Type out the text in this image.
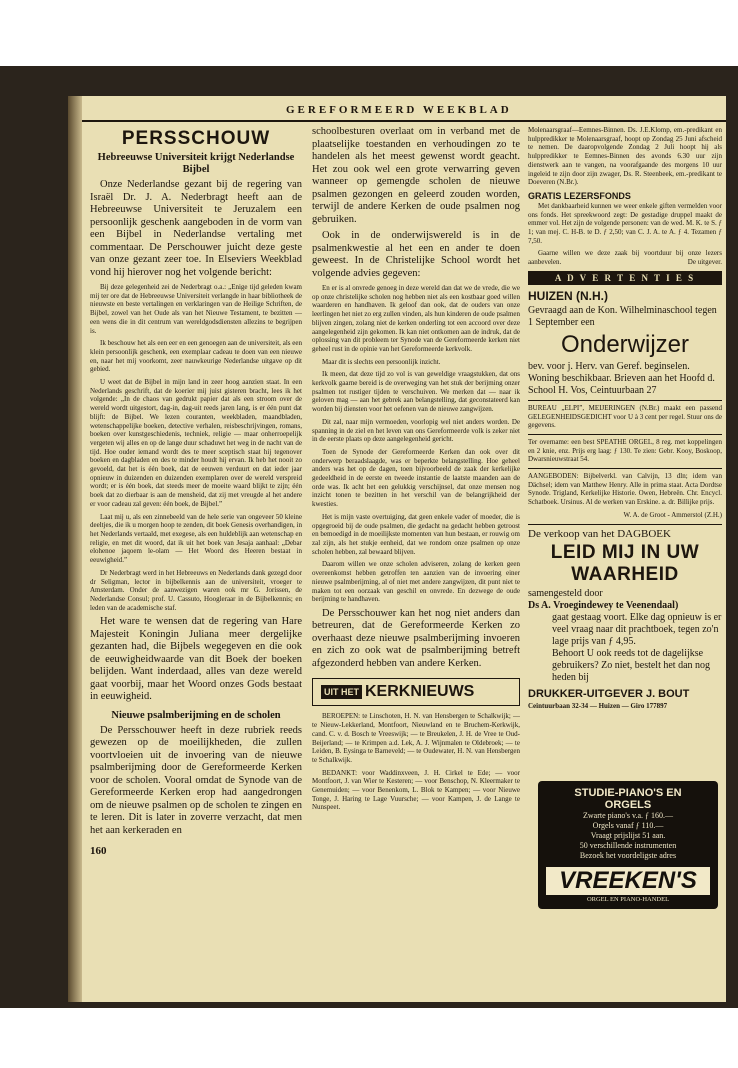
GEREFORMEERD WEEKBLAD
PERSSCHOUW
Hebreeuwse Universiteit krijgt Nederlandse Bijbel

Onze Nederlandse gezant bij de regering van Israël Dr. J. A. Nederbragt heeft aan de Hebreeuwse Universiteit te Jeruzalem een persoonlijk geschenk aangeboden in de vorm van een Bijbel in Nederlandse vertaling met commentaar. De Perschouwer juicht deze geste van onze gezant zeer toe. In Elseviers Weekblad vond hij hierover nog het volgende bericht:

Bij deze gelegenheid zei de Nederbragt o.a.: „Enige tijd geleden kwam mij ter ore dat de Hebreeuwse Universiteit verlangde in haar bibliotheek de nieuwste en beste vertalingen en verklaringen van de Heilige Schriften, de Bijbel, zowel van het Oude als van het Nieuwe Testament, te bezitten — een wens die in dit centrum van wereldgodsdiensten allezins te begrijpen is.

Ik beschouw het als een eer en een genoegen aan de universiteit, als een klein persoonlijk geschenk, een exemplaar cadeau te doen van een nieuwe en, naar het mij voorkomt, zeer nauwkeurige Nederlandse uitgave op dit gebied.

U weet dat de Bijbel in mijn land in zeer hoog aanzien staat. In een Nederlands geschrift, dat de koerier mij juist gisteren bracht, lees ik het volgende: „In de chaos van gedrukt papier dat als een stroom over de wereld wordt uitgestort, dag-in, dag-uit reeds jaren lang, is er één punt dat blijft: de Bijbel. We lezen couranten, weekbladen, maandbladen, wetenschappelijke boeken, detective verhalen, reisbeschrijvingen, romans, boeken over kunstgeschiedenis, techniek, religie — maar onherroepelijk vergeten wij alles en op de lange duur schaduwt het weg in de nacht van de tijd. Hoe ouder iemand wordt des te meer sceptisch staat hij tegenover boeken en dagbladen en des te minder houdt hij ervan. Ik heb het nooit zo gevoeld, dat het is één boek, dat de eeuwen verduurt en dat ieder jaar opnieuw in duizenden en duizenden exemplaren over de wereld verspreid wordt; er is één boek, dat steeds meer de moeite waard blijkt te zijn; één boek dat zo dierbaar is aan de mensheid, dat zij met vreugde al het andere er voor cadeau zal geven: één boek, de Bijbel.”

Laat mij u, als een zinnebeeld van de hele serie van ongeveer 50 kleine deeltjes, die ik u morgen hoop te zenden, dit boek Genesis overhandigen, in het Nederlands vertaald, met exegese, als een huldeblijk aan wetenschap en religie, en met dit woord, dat ik uit het boek van Jesaja aanhaal: „Debar elohenoe jaqoem le-olam — Het Woord des Heeren bestaat in eeuwigheid.”

Dr Nederbragt werd in het Hebreeuws en Nederlands dank gezegd door dr Seligman, lector in bijbelkennis aan de universiteit, vroeger te Amsterdam. Onder de aanwezigen waren ook mr G. Jorissen, de Nederlandse Consul; prof. U. Cassuto, Hoogleraar in de Bijbelkennis; en leden van de academische staf.

Het ware te wensen dat de regering van Hare Majesteit Koningin Juliana meer dergelijke gezanten had, die Bijbels wegegeven en die ook de eeuwigheidwaarde van dit Boek der boeken belijden. Want inderdaad, alles van deze wereld gaat voorbij, maar het Woord onzes Gods bestaat in eeuwigheid.

Nieuwe psalmberijming en de scholen

De Persschouwer heeft in deze rubriek reeds gewezen op de moeilijkheden, die zullen voortvloeien uit de invoering van de nieuwe psalmberijming door de Gereformeerde Kerken voor de scholen. Vooral omdat de Synode van de Gereformeerde Kerken erop had aangedrongen om de nieuwe psalmen op de scholen te zingen en te leren. Dit is later in zoverre verzacht, dat men het aan kerkeraden en

160

schoolbesturen overlaat om in verband met de plaatselijke toestanden en verhoudingen zo te handelen als het meest gewenst wordt geacht. Het zou ook wel een grote verwarring geven wanneer op gemengde scholen de nieuwe psalmen gezongen en geleerd zouden worden, terwijl de andere Kerken de oude psalmen nog gebruiken.

Ook in de onderwijswereld is in de psalmenkwestie al het een en ander te doen geweest. In de Christelijke School wordt het volgende advies gegeven:

En er is al onvrede genoeg in deze wereld dan dat we de vrede, die we op onze christelijke scholen nog hebben niet als een kostbaar goed willen waarderen en handhaven. Ik geloof dan ook, dat de ouders van onze leerlingen het niet zo erg zullen vinden, als hun kinderen de oude psalmen blijven zingen, zolang niet de kerken onderling tot een accoord over deze aangelegenheid zijn gekomen. Ik kan niet ontkomen aan de indruk, dat de oplossing van dit probleem ter Synode van de Gereformeerde kerken niet geheel rust in de opinie van het Gereformeerde kerkvolk.

Maar dit is slechts een persoonlijk inzicht.

Ik meen, dat deze tijd zo vol is van geweldige vraagstukken, dat ons kerkvolk gaarne bereid is de overweging van het stuk der berijming onzer psalmen tot rustiger tijden te verschuiven. We merken dat — naar ik geloven mag — aan het gebrek aan belangstelling, dat geconstateerd kan worden bij diensten voor het oefenen van de nieuwe zangwijzen.

Dit zal, naar mijn vermoeden, voorlopig wel niet anders worden. De spanning in de ziel en het leven van ons Gereformeerde volk is zeker niet in de eerste plaats op deze aangelegenheid gericht.

Toen de Synode der Gereformeerde Kerken dan ook over dit onderwerp beraadslaagde, was er beperkte belangstelling. Hoe geheel anders was het op de dagen, toen bijvoorbeeld de zaak der kerkelijke gedeeldheid in de eerste en tweede instantie de laatste maanden aan de orde was. Ik acht het een gelukkig verschijnsel, dat onze mensen nog inzicht tonen te bezitten in het verschil van de belangrijkheid der kwesties.

Het is mijn vaste overtuiging, dat geen enkele vader of moeder, die is opgegroeid bij de oude psalmen, die gedacht na gedacht hebben getroost en bemoedigd in de moeilijkste momenten van hun bestaan, er rouwig om zal zijn, als het stukje eenheid, dat we rondom onze psalmen op onze scholen hebben, zal bewaard blijven.

Daarom willen we onze scholen adviseren, zolang de kerken geen overeenkomst hebben getroffen ten aanzien van de invoering einer nieuwe psalmberijming, al of niet met andere zangwijzen, dit punt niet te maken tot een oorzaak van geschil en onvrede. En dezwege de oude berijming te handhaven.

De Persschouwer kan het nog niet anders dan betreuren, dat de Gereformeerde Kerken zo overhaast deze nieuwe psalmberijming invoeren en zich zo ook wat de psalmberijming betreft afgezonderd hebben van andere Kerken.

UIT HET KERKNIEUWS

BEROEPEN: te Linschoten, H. N. van Hensbergen te Schalkwijk; — te Nieuw-Lekkerland, Montfoort, Nieuwland en te Bruchem-Kerkwijk, cand. C. v. d. Bosch te Vreeswijk; — te Breukelen, J. H. de Vree te Oud-Beijerland; — te Krimpen a.d. Lek, A. J. Wijnmalen te Oldebroek; — te Leiden, B. Eysinga te Barneveld; — te Oudewater, H. N. van Hensbergen te Schalkwijk.

BEDANKT: voor Waddinxveen, J. H. Cirkel te Ede; — voor Montfoort, J. van Wier te Kesteren; — voor Benschop, N. Kleermaker te Genemuiden; — voor Benenkom, L. Blok te Kampen; — voor Nieuwe Tonge, J. Haring te Lage Vuursche; — voor Kampen, J. de Lange te Nunspeet.

Molenaarsgraaf—Eemnes-Binnen. Ds. J.E.Klomp, em.-predikant en hulppredikker te Molenaarsgraaf, hoopt op Zondag 25 Juni afscheid te nemen. De daaropvolgende Zondag 2 Juli hoopt hij als hulppredikker te Eemnes-Binnen des avonds 6.30 uur zijn dienstwerk aan te vangen, na voorafgaande des morgens 10 uur ingeleid te zijn door zijn zwager, Ds. R. Steenbeek, em.-predikant te Doeveren (N.Br.).

GRATIS LEZERSFONDS

Met dankbaarheid kunnen we weer enkele giften vermelden voor ons fonds. Het spreekwoord zegt: De gestadige druppel maakt de emmer vol. Het zijn de volgende personen: van de wed. M. K. te S. ƒ 1; van mej. C. H-B. te D. ƒ 2,50; van C. J. A. te A. ƒ 4. Tezamen ƒ 7,50.

Gaarne willen we deze zaak bij voortduur bij onze lezers aanbevelen.	De uitgever.

A D V E R T E N T I E S
HUIZEN (N.H.)
Gevraagd aan de Kon. Wilhelminaschool tegen 1 September een
Onderwijzer
bev. voor j. Herv. van Geref. beginselen. Woning beschikbaar. Brieven aan het Hoofd d. School H. Vos, Ceintuurbaan 27

BUREAU „ELPI”, MEIJERINGEN (N.Br.) maakt een passend GELEGENHEIDSGEDICHT voor U à 3 cent per regel. Stuur ons de gegevens.

Ter overname: een best SPEATHE ORGEL, 8 reg. met koppelingen en 2 knie, enz. Prijs erg laag: ƒ 130. Te zien: Gebr. Kooy, Boskoop, Dwarsnieuwstraat 54.

AANGEBODEN: Bijbelverkl. van Calvijn, 13 dln; idem van Dächsel; idem van Matthew Henry. Alle in prima staat. Acta Dordtse Synode. Trigland, Kerkelijke Historie. Owen, Hebreën. Chr. Encycl. Schatboek. Ursinus. Al de werken van Erskine. a. dr. Billijke prijs.

W. A. de Groot - Ammerstol (Z.H.)

De verkoop van het DAGBOEK
LEID MIJ IN UW WAARHEID
samengesteld door
Ds A. Vroegindewey te Veenendaal)
gaat gestaag voort. Elke dag opnieuw is er veel vraag naar dit prachtboek, tegen zo'n lage prijs van ƒ 4,95.
Behoort U ook reeds tot de dagelijkse gebruikers? Zo niet, bestelt het dan nog heden bij
DRUKKER-UITGEVER J. BOUT
Ceintuurbaan 32-34 — Huizen — Giro 177897
STUDIE-PIANO'S EN
ORGELS
Zwarte piano's v.a. ƒ 160.—
Orgels vanaf ƒ 110.—
Vraagt prijslijst 51 aan.
50 verschillende instrumenten
Bezoek het voordeligste adres
VREEKEN'S
ORGEL EN PIANO-HANDEL
